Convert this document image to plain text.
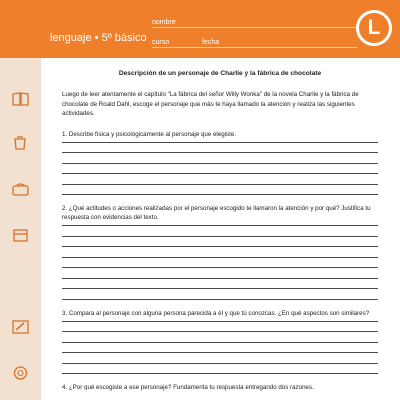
lenguaje • 5º básico
nombre
curso	fecha
L

Descripción de un personaje de Charlie y la fábrica de chocolate

Luego de leer atentamente el capítulo "La fábrica del señor Willy Wonka" de la novela Charlie y la fábrica de chocolate de Roald Dahl, escoge el personaje que más te haya llamado la atención y realiza las siguientes actividades.

1. Describe física y psicológicamente al personaje que elegiste.

2. ¿Qué actitudes o acciones realizadas por el personaje escogido te llamaron la atención y por qué? Justifica tu respuesta con evidencias del texto.

3. Compara al personaje con alguna persona parecida a él y que tú conozcas. ¿En qué aspectos son similares?

4. ¿Por qué escogiste a ese personaje? Fundamenta tu respuesta entregando dos razones.
